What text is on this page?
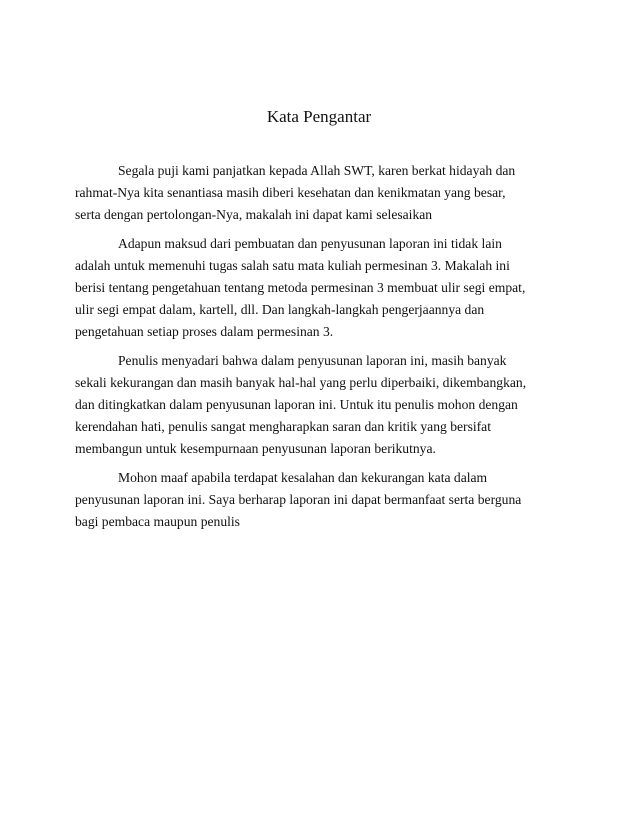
Kata Pengantar
Segala puji kami panjatkan kepada Allah SWT, karen berkat hidayah dan
rahmat-Nya kita senantiasa masih diberi kesehatan dan kenikmatan yang besar,
serta dengan pertolongan-Nya, makalah ini dapat kami selesaikan
Adapun maksud dari pembuatan dan penyusunan laporan ini tidak lain
adalah untuk memenuhi tugas salah satu mata kuliah permesinan 3. Makalah ini
berisi tentang pengetahuan tentang metoda permesinan 3 membuat ulir segi empat,
ulir segi empat dalam, kartell, dll. Dan langkah-langkah pengerjaannya dan
pengetahuan setiap proses dalam permesinan 3.
Penulis menyadari bahwa dalam penyusunan laporan ini, masih banyak
sekali kekurangan dan masih banyak hal-hal yang perlu diperbaiki, dikembangkan,
dan ditingkatkan dalam penyusunan laporan ini. Untuk itu penulis mohon dengan
kerendahan hati, penulis sangat mengharapkan saran dan kritik yang bersifat
membangun untuk kesempurnaan penyusunan laporan berikutnya.
Mohon maaf apabila terdapat kesalahan dan kekurangan kata dalam
penyusunan laporan ini. Saya berharap laporan ini dapat bermanfaat serta berguna
bagi pembaca maupun penulis
